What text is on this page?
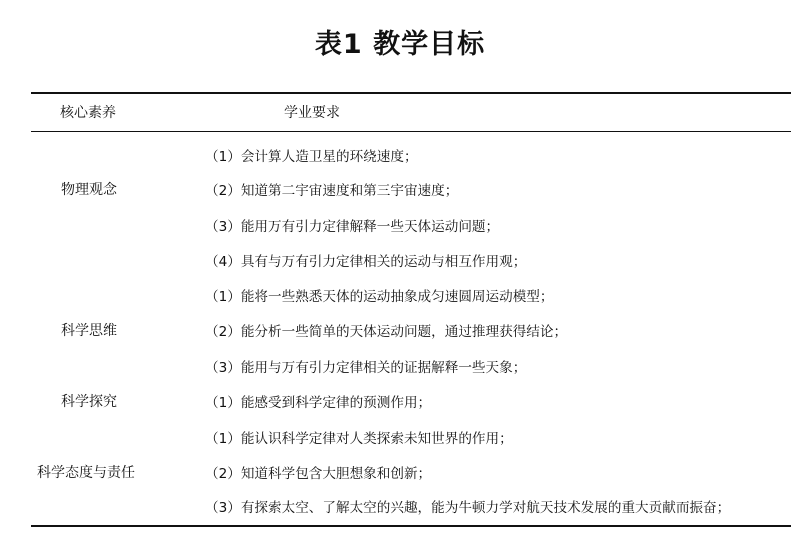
表1 教学目标
核心素养	学业要求
物理观念
（1）会计算人造卫星的环绕速度；
（2）知道第二宇宙速度和第三宇宙速度；
（3）能用万有引力定律解释一些天体运动问题；
（4）具有与万有引力定律相关的运动与相互作用观；
科学思维
（1）能将一些熟悉天体的运动抽象成匀速圆周运动模型；
（2）能分析一些简单的天体运动问题，通过推理获得结论；
（3）能用与万有引力定律相关的证据解释一些天象；
科学探究	（1）能感受到科学定律的预测作用；
科学态度与责任
（1）能认识科学定律对人类探索未知世界的作用；
（2）知道科学包含大胆想象和创新；
（3）有探索太空、了解太空的兴趣，能为牛顿力学对航天技术发展的重大贡献而振奋；
